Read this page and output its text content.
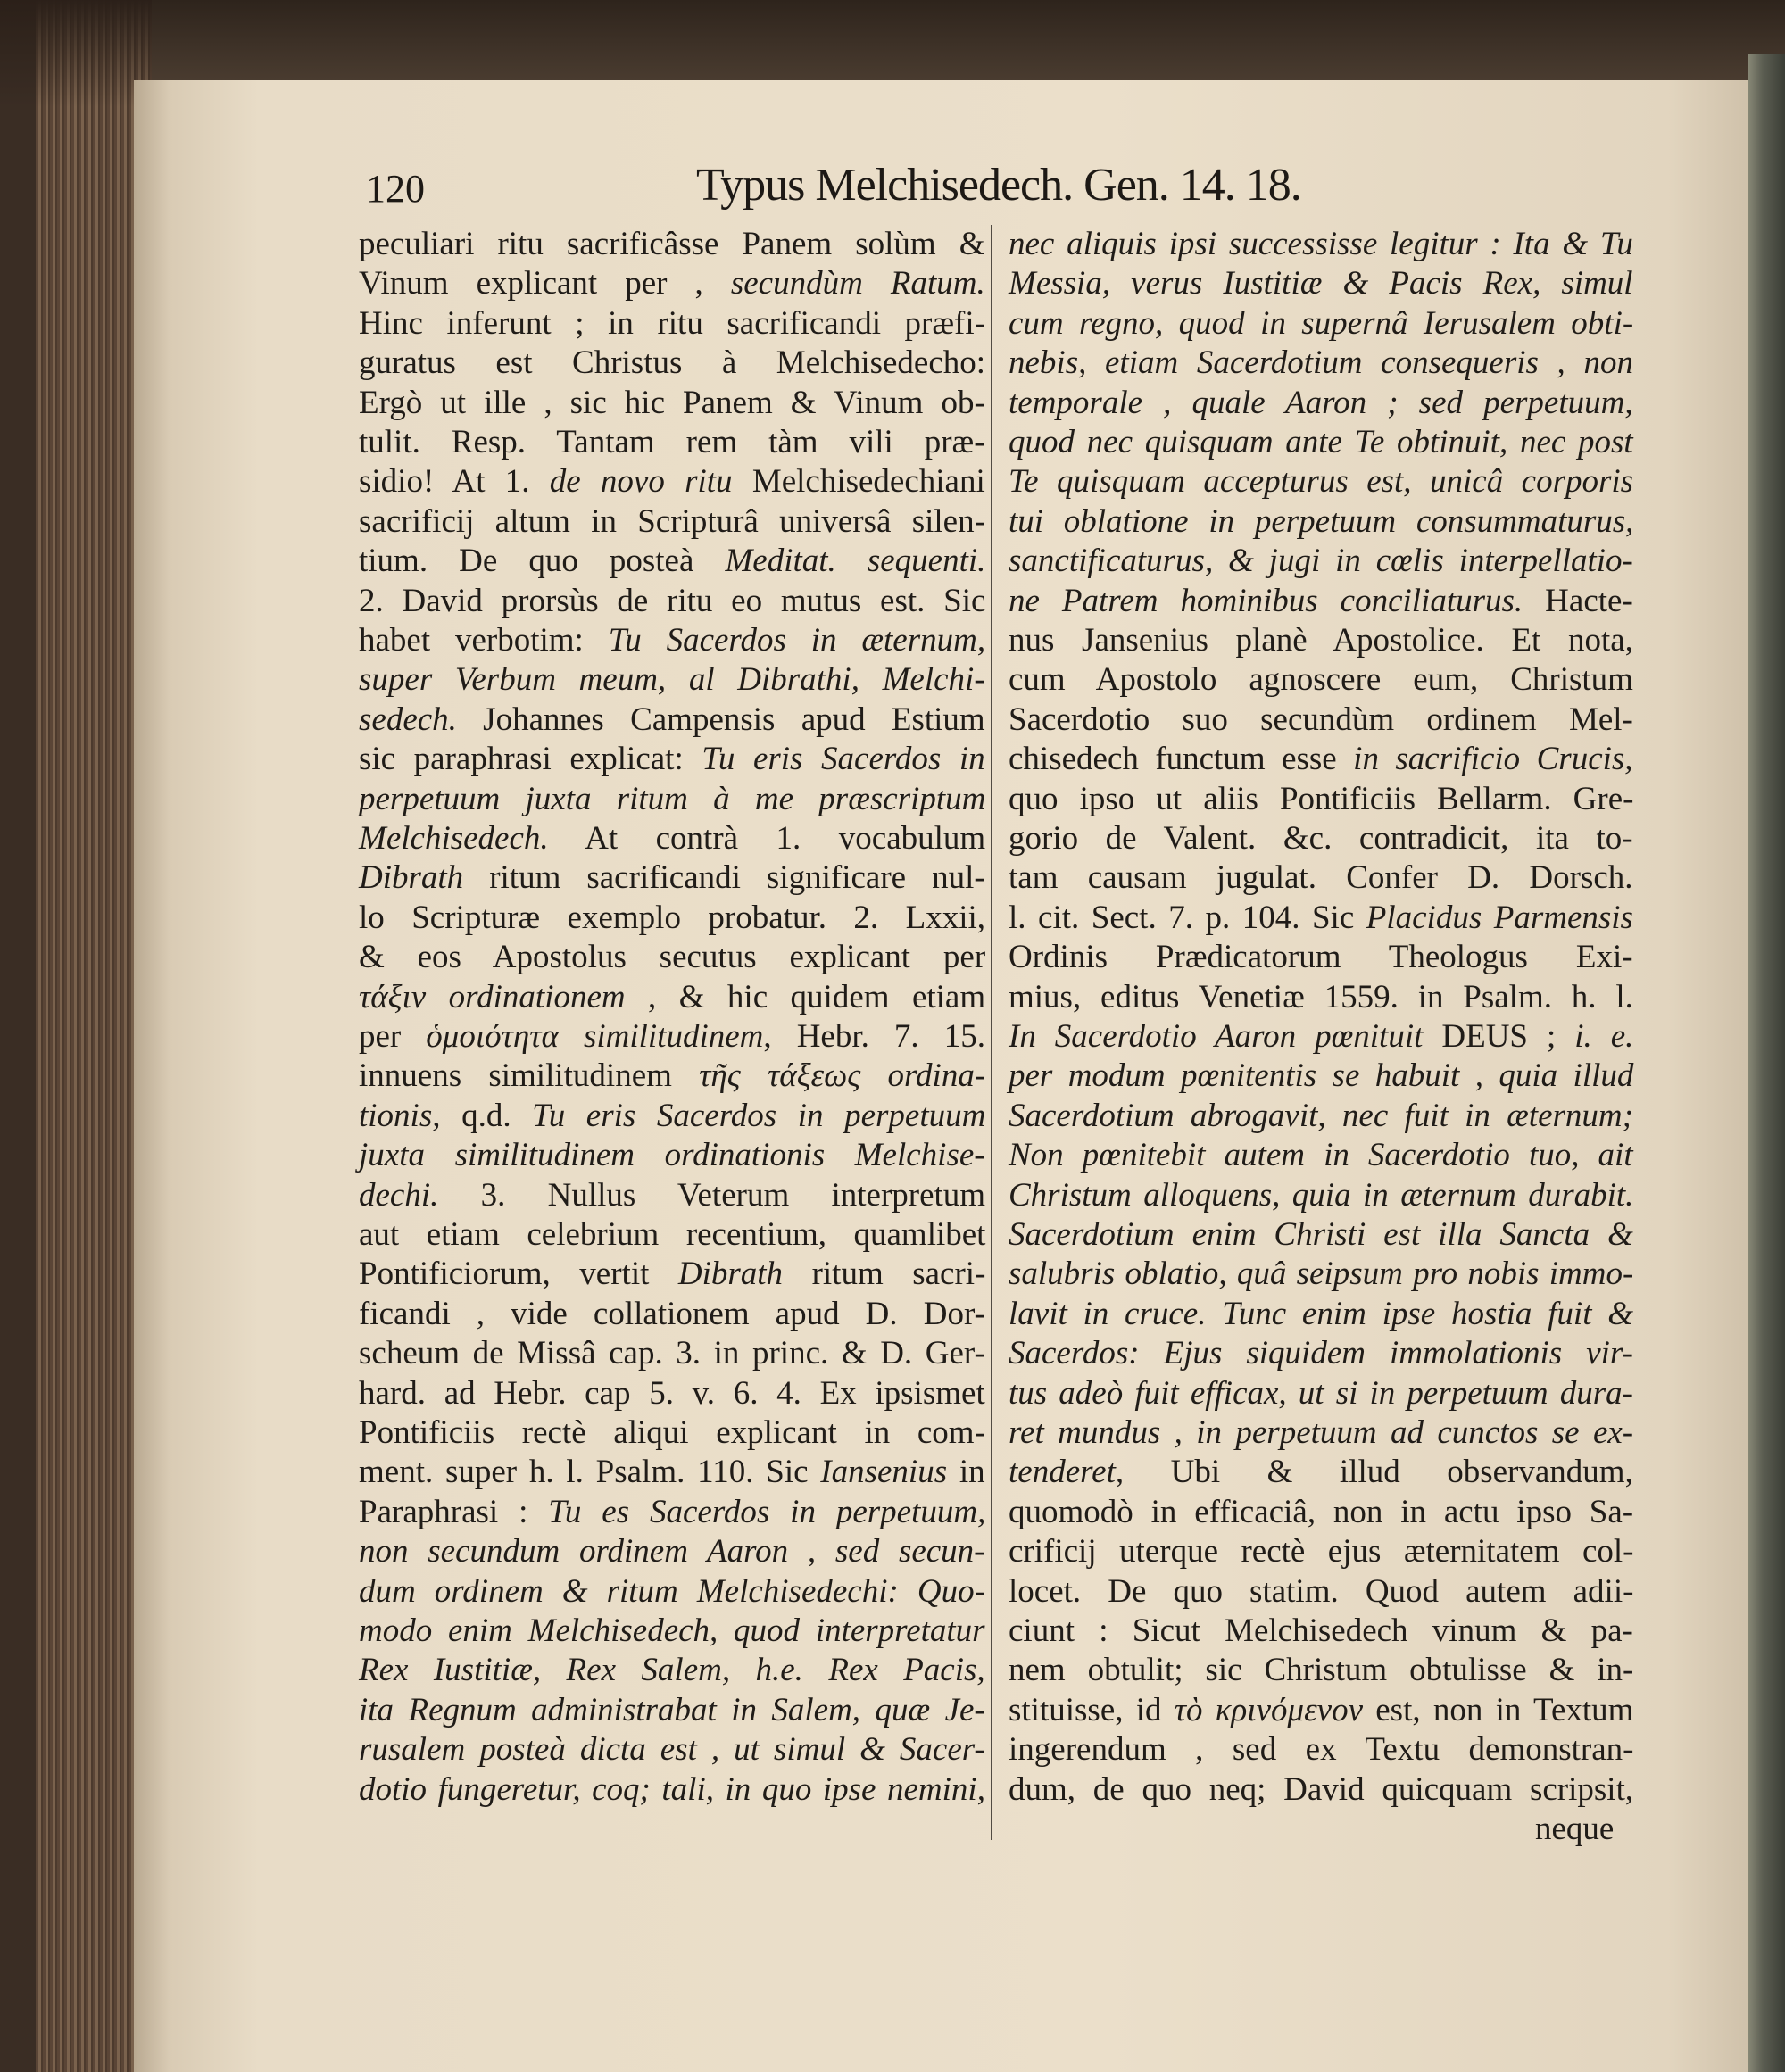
120	Typus Melchisedech. Gen. 14. 18.
peculiari ritu sacrificâsse Panem solùm &
Vinum explicant per , secundùm Ratum.
Hinc inferunt ; in ritu sacrificandi præfi-
guratus est Christus à Melchisedecho:
Ergò ut ille , sic hic Panem & Vinum ob-
tulit. Resp. Tantam rem tàm vili præ-
sidio! At 1. de novo ritu Melchisedechiani
sacrificij altum in Scripturâ universâ silen-
tium. De quo posteà Meditat. sequenti.
2. David prorsùs de ritu eo mutus est. Sic
habet verbotim: Tu Sacerdos in æternum,
super Verbum meum, al Dibrathi, Melchi-
sedech. Johannes Campensis apud Estium
sic paraphrasi explicat: Tu eris Sacerdos in
perpetuum juxta ritum à me præscriptum
Melchisedech. At contrà 1. vocabulum
Dibrath ritum sacrificandi significare nul-
lo Scripturæ exemplo probatur. 2. Lxxii,
& eos Apostolus secutus explicant per
τάξιν ordinationem , & hic quidem etiam
per ὁμοιότητα similitudinem, Hebr. 7. 15.
innuens similitudinem τῆς τάξεως ordina-
tionis, q.d. Tu eris Sacerdos in perpetuum
juxta similitudinem ordinationis Melchise-
dechi. 3. Nullus Veterum interpretum
aut etiam celebrium recentium, quamlibet
Pontificiorum, vertit Dibrath ritum sacri-
ficandi , vide collationem apud D. Dor-
scheum de Missâ cap. 3. in princ. & D. Ger-
hard. ad Hebr. cap 5. v. 6. 4. Ex ipsismet
Pontificiis rectè aliqui explicant in com-
ment. super h. l. Psalm. 110. Sic Iansenius in
Paraphrasi : Tu es Sacerdos in perpetuum,
non secundum ordinem Aaron , sed secun-
dum ordinem & ritum Melchisedechi: Quo-
modo enim Melchisedech, quod interpretatur
Rex Iustitiæ, Rex Salem, h.e. Rex Pacis,
ita Regnum administrabat in Salem, quæ Je-
rusalem posteà dicta est , ut simul & Sacer-
dotio fungeretur, coq; tali, in quo ipse nemini,
nec aliquis ipsi successisse legitur : Ita & Tu
Messia, verus Iustitiæ & Pacis Rex, simul
cum regno, quod in supernâ Ierusalem obti-
nebis, etiam Sacerdotium consequeris , non
temporale , quale Aaron ; sed perpetuum,
quod nec quisquam ante Te obtinuit, nec post
Te quisquam accepturus est, unicâ corporis
tui oblatione in perpetuum consummaturus,
sanctificaturus, & jugi in cœlis interpellatio-
ne Patrem hominibus conciliaturus. Hacte-
nus Jansenius planè Apostolice. Et nota,
cum Apostolo agnoscere eum, Christum
Sacerdotio suo secundùm ordinem Mel-
chisedech functum esse in sacrificio Crucis,
quo ipso ut aliis Pontificiis Bellarm. Gre-
gorio de Valent. &c. contradicit, ita to-
tam causam jugulat. Confer D. Dorsch.
l. cit. Sect. 7. p. 104. Sic Placidus Parmensis
Ordinis Prædicatorum Theologus Exi-
mius, editus Venetiæ 1559. in Psalm. h. l.
In Sacerdotio Aaron pœnituit DEUS ; i. e.
per modum pœnitentis se habuit , quia illud
Sacerdotium abrogavit, nec fuit in æternum;
Non pœnitebit autem in Sacerdotio tuo, ait
Christum alloquens, quia in æternum durabit.
Sacerdotium enim Christi est illa Sancta &
salubris oblatio, quâ seipsum pro nobis immo-
lavit in cruce. Tunc enim ipse hostia fuit &
Sacerdos: Ejus siquidem immolationis vir-
tus adeò fuit efficax, ut si in perpetuum dura-
ret mundus , in perpetuum ad cunctos se ex-
tenderet, Ubi & illud observandum,
quomodò in efficaciâ, non in actu ipso Sa-
crificij uterque rectè ejus æternitatem col-
locet. De quo statim. Quod autem adii-
ciunt : Sicut Melchisedech vinum & pa-
nem obtulit; sic Christum obtulisse & in-
stituisse, id τὸ κρινόμενον est, non in Textum
ingerendum , sed ex Textu demonstran-
dum, de quo neq; David quicquam scripsit,
neque
